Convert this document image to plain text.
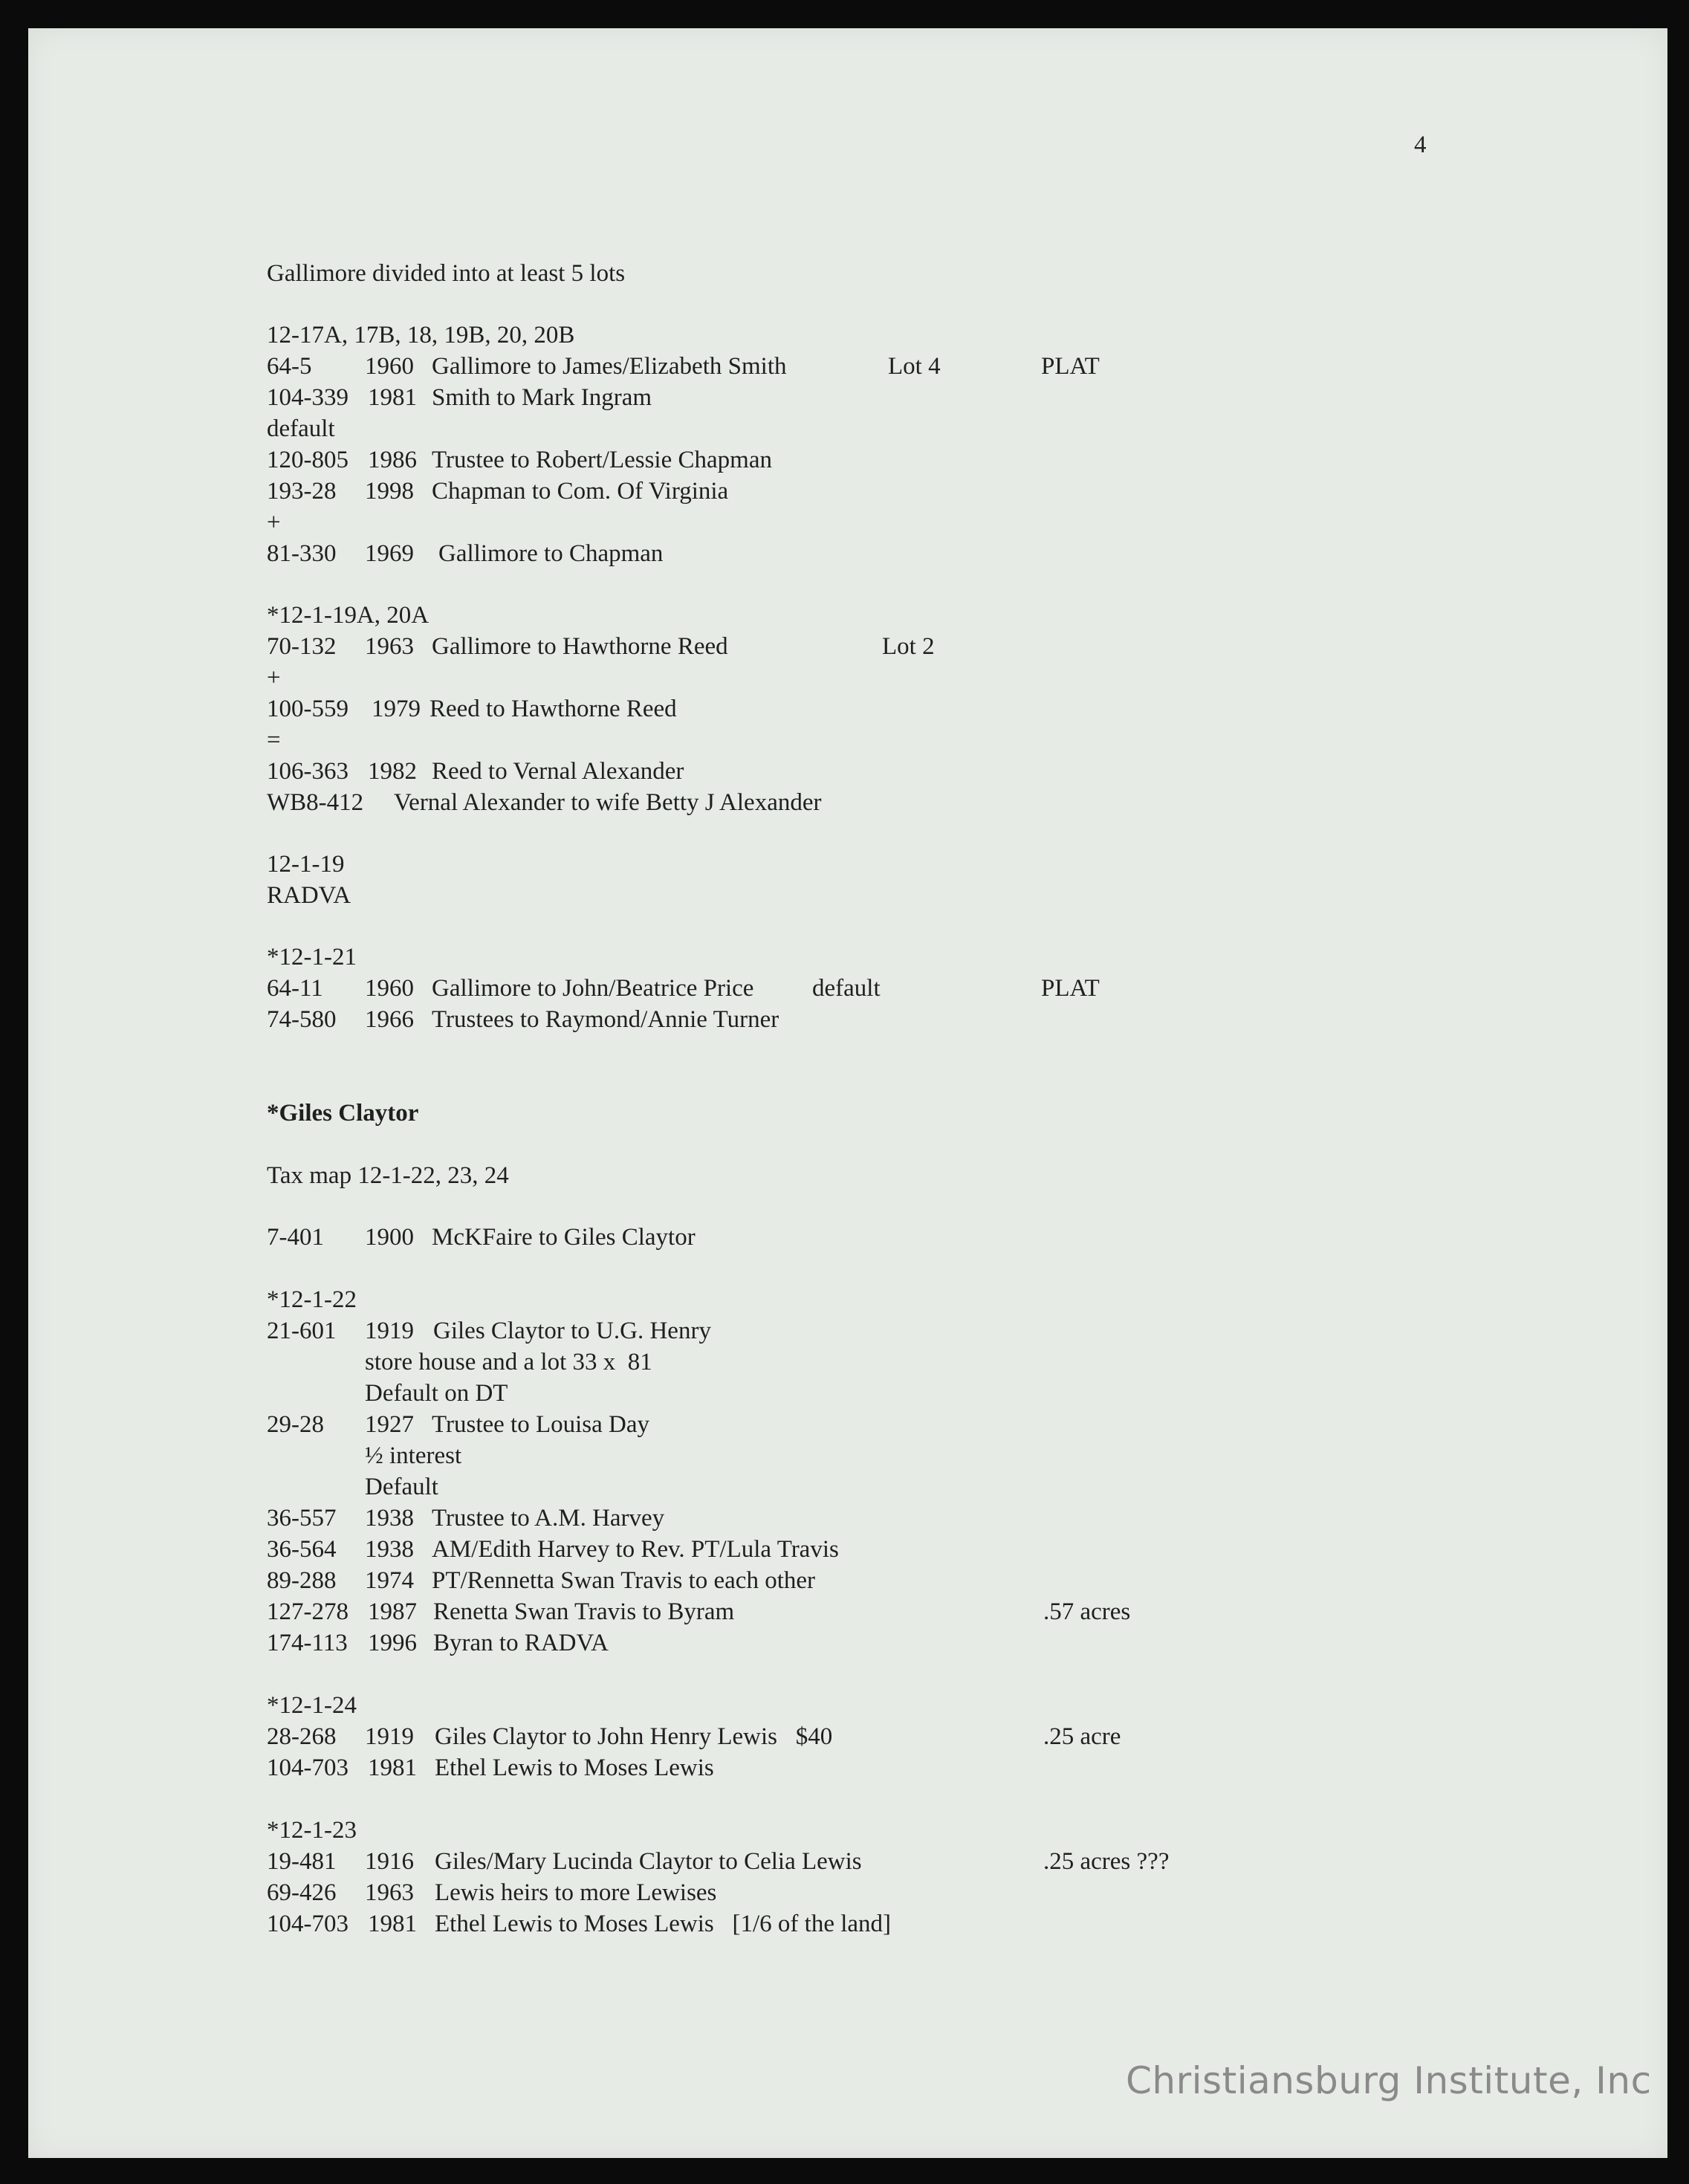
4
Gallimore divided into at least 5 lots
12-17A, 17B, 18, 19B, 20, 20B

64-5 1960 Gallimore to James/Elizabeth Smith	Lot 4	PLAT

104-339 1981 Smith to Mark Ingram

default

120-805 1986 Trustee to Robert/Lessie Chapman

193-28 1998 Chapman to Com. Of Virginia

+

81-330 1969 Gallimore to Chapman

*12-1-19A, 20A

70-132 1963 Gallimore to Hawthorne Reed	Lot 2

+

100-559 1979 Reed to Hawthorne Reed

=

106-363 1982 Reed to Vernal Alexander

WB8-412 Vernal Alexander to wife Betty J Alexander

12-1-19
RADVA
*12-1-21

64-11 1960 Gallimore to John/Beatrice Price default	PLAT

74-580 1966 Trustees to Raymond/Annie Turner

*Giles Claytor
Tax map 12-1-22, 23, 24

7-401 1900 McKFaire to Giles Claytor

*12-1-22

21-601 1919 Giles Claytor to U.G. Henry

store house and a lot 33 x  81
Default on DT

29-28 1927 Trustee to Louisa Day

½ interest
Default

36-557 1938 Trustee to A.M. Harvey

36-564 1938 AM/Edith Harvey to Rev. PT/Lula Travis

89-288 1974 PT/Rennetta Swan Travis to each other

127-278 1987 Renetta Swan Travis to Byram	.57 acres

174-113 1996 Byran to RADVA

*12-1-24

28-268 1919 Giles Claytor to John Henry Lewis   $40	.25 acre

104-703 1981 Ethel Lewis to Moses Lewis

*12-1-23

19-481 1916 Giles/Mary Lucinda Claytor to Celia Lewis	.25 acres ???

69-426 1963 Lewis heirs to more Lewises

104-703 1981 Ethel Lewis to Moses Lewis   [1/6 of the land]

Christiansburg Institute, Inc
